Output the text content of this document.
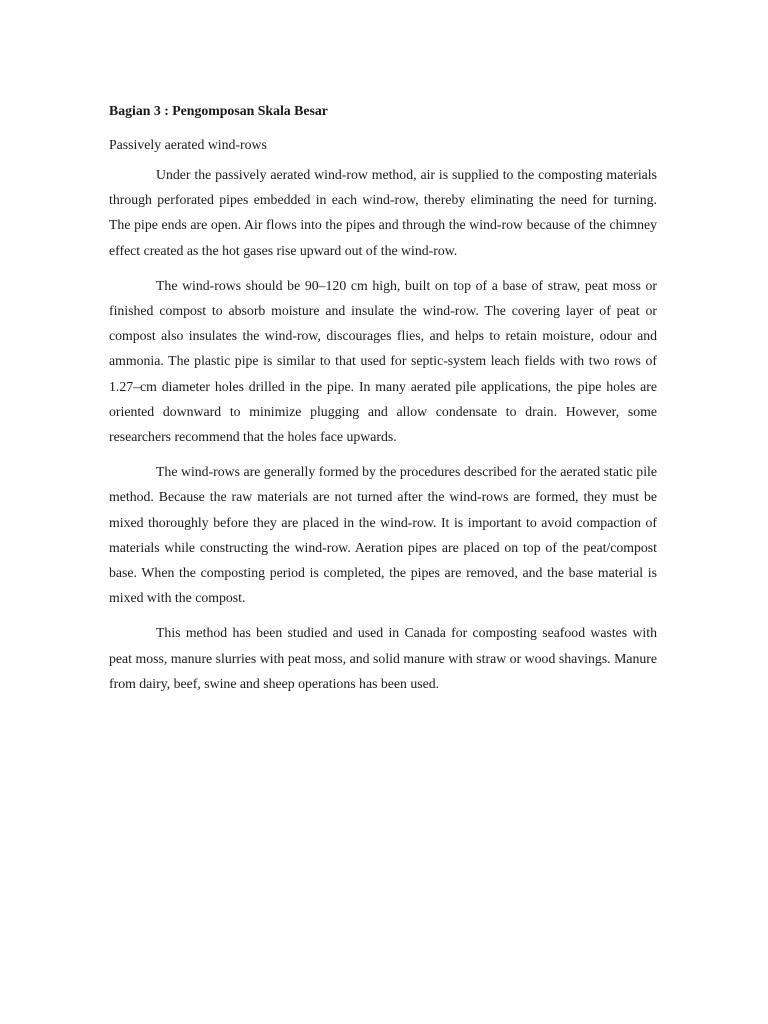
Bagian 3 : Pengomposan Skala Besar
Passively aerated wind-rows

Under the passively aerated wind-row method, air is supplied to the composting materials through perforated pipes embedded in each wind-row, thereby eliminating the need for turning. The pipe ends are open. Air flows into the pipes and through the wind-row because of the chimney effect created as the hot gases rise upward out of the wind-row.

The wind-rows should be 90–120 cm high, built on top of a base of straw, peat moss or finished compost to absorb moisture and insulate the wind-row. The covering layer of peat or compost also insulates the wind-row, discourages flies, and helps to retain moisture, odour and ammonia. The plastic pipe is similar to that used for septic-system leach fields with two rows of 1.27–cm diameter holes drilled in the pipe. In many aerated pile applications, the pipe holes are oriented downward to minimize plugging and allow condensate to drain. However, some researchers recommend that the holes face upwards.

The wind-rows are generally formed by the procedures described for the aerated static pile method. Because the raw materials are not turned after the wind-rows are formed, they must be mixed thoroughly before they are placed in the wind-row. It is important to avoid compaction of materials while constructing the wind-row. Aeration pipes are placed on top of the peat/compost base. When the composting period is completed, the pipes are removed, and the base material is mixed with the compost.

This method has been studied and used in Canada for composting seafood wastes with peat moss, manure slurries with peat moss, and solid manure with straw or wood shavings. Manure from dairy, beef, swine and sheep operations has been used.
